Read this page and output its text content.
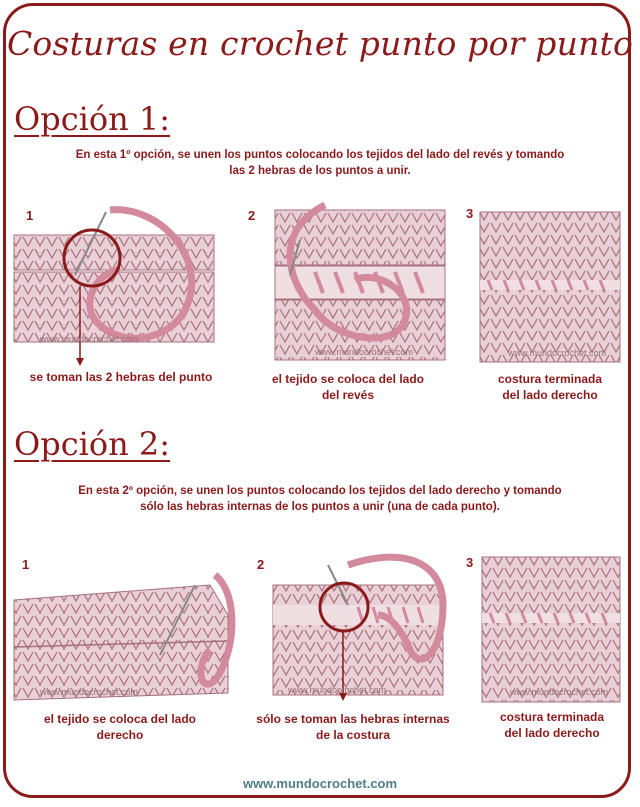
Costuras en crochet punto por punto
Opción 1:
En esta 1º opción, se unen los puntos colocando los tejidos del lado del revés y tomando
las 2 hebras de los puntos a unir.
1	2	3
www.mundocrochet.com
www.mundocrochet.com	www.mundocrochet.com
se toman las 2 hebras del punto	el tejido se coloca del lado
del revés
costura terminada
del lado derecho
Opción 2:
En esta 2º opción, se unen los puntos colocando los tejidos del lado derecho y tomando
sólo las hebras internas de los puntos a unir (una de cada punto).
1	2	3
www.mundocrochet.com	www.mundocrochet.com	www.mundocrochet.com
el tejido se coloca del lado
derecho
sólo se toman las hebras internas
de la costura
costura terminada
del lado derecho
www.mundocrochet.com
